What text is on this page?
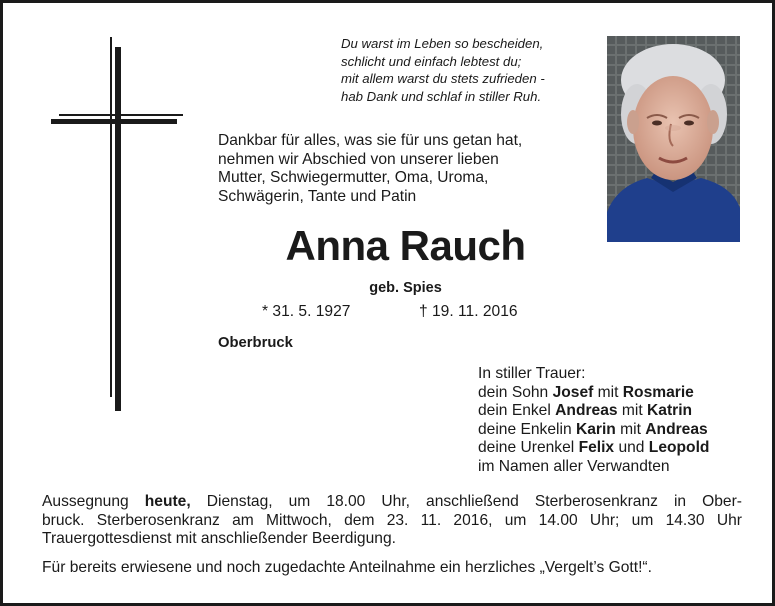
Du warst im Leben so bescheiden,
schlicht und einfach lebtest du;
mit allem warst du stets zufrieden -
hab Dank und schlaf in stiller Ruh.
Dankbar für alles, was sie für uns getan hat,
nehmen wir Abschied von unserer lieben
Mutter, Schwiegermutter, Oma, Uroma,
Schwägerin, Tante und Patin
Anna Rauch
geb. Spies
* 31. 5. 1927	† 19. 11. 2016
Oberbruck
In stiller Trauer:
dein Sohn Josef mit Rosmarie
dein Enkel Andreas mit Katrin
deine Enkelin Karin mit Andreas
deine Urenkel Felix und Leopold
im Namen aller Verwandten
Aussegnung heute, Dienstag, um 18.00 Uhr, anschließend Sterberosenkranz in Ober-
bruck. Sterberosenkranz am Mittwoch, dem 23. 11. 2016, um 14.00 Uhr; um 14.30 Uhr
Trauergottesdienst mit anschließender Beerdigung.
Für bereits erwiesene und noch zugedachte Anteilnahme ein herzliches „Vergelt’s Gott!“.
